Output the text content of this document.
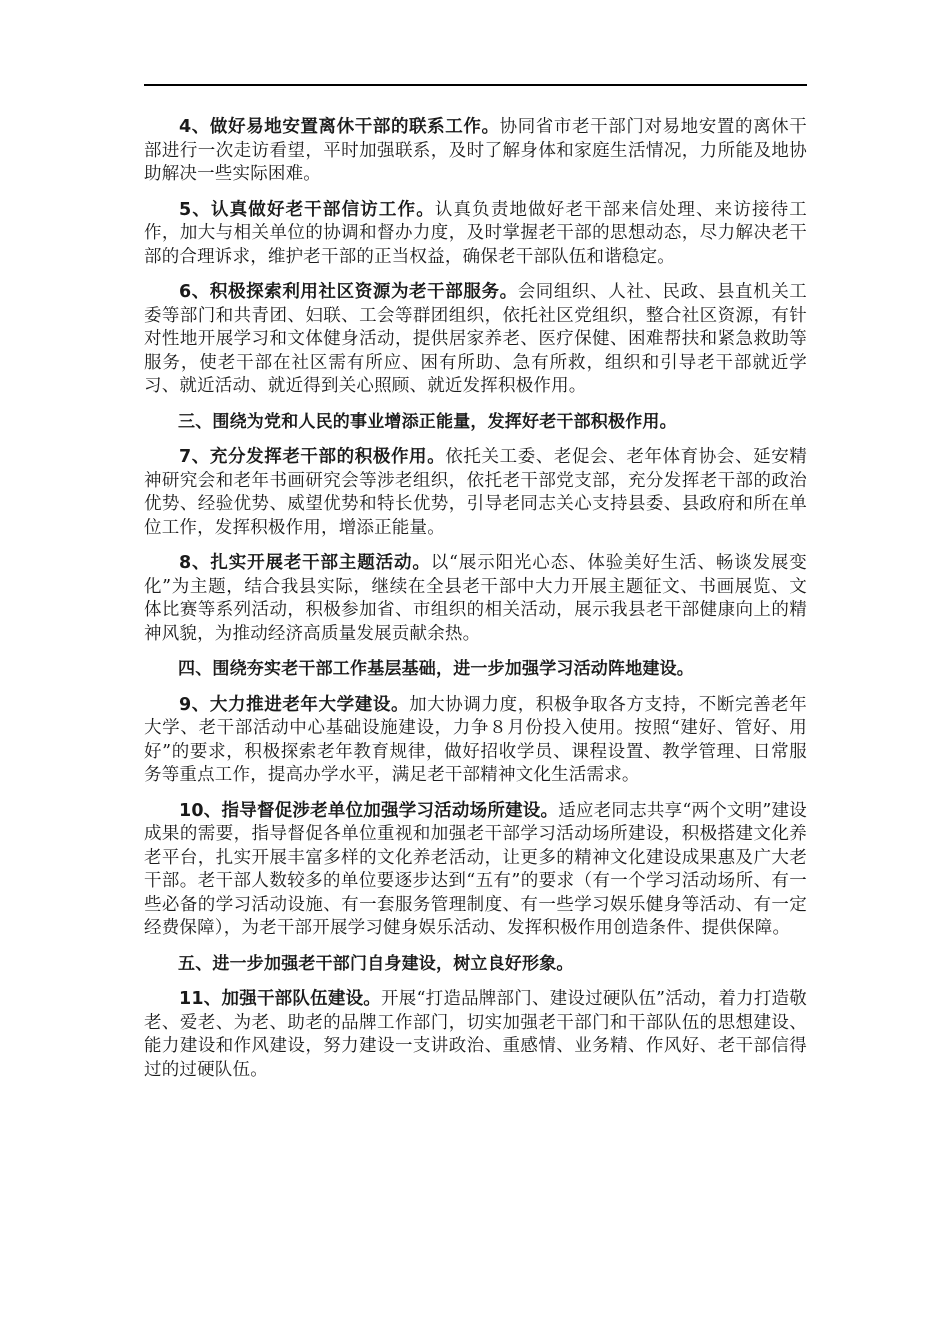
4、做好易地安置离休干部的联系工作。协同省市老干部门对易地安置的离休干部进行一次走访看望，平时加强联系，及时了解身体和家庭生活情况，力所能及地协助解决一些实际困难。

5、认真做好老干部信访工作。认真负责地做好老干部来信处理、来访接待工作，加大与相关单位的协调和督办力度，及时掌握老干部的思想动态，尽力解决老干部的合理诉求，维护老干部的正当权益，确保老干部队伍和谐稳定。

6、积极探索利用社区资源为老干部服务。会同组织、人社、民政、县直机关工委等部门和共青团、妇联、工会等群团组织，依托社区党组织，整合社区资源，有针对性地开展学习和文体健身活动，提供居家养老、医疗保健、困难帮扶和紧急救助等服务，使老干部在社区需有所应、困有所助、急有所救，组织和引导老干部就近学习、就近活动、就近得到关心照顾、就近发挥积极作用。

三、围绕为党和人民的事业增添正能量，发挥好老干部积极作用。

7、充分发挥老干部的积极作用。依托关工委、老促会、老年体育协会、延安精神研究会和老年书画研究会等涉老组织，依托老干部党支部，充分发挥老干部的政治优势、经验优势、威望优势和特长优势，引导老同志关心支持县委、县政府和所在单位工作，发挥积极作用，增添正能量。

8、扎实开展老干部主题活动。以“展示阳光心态、体验美好生活、畅谈发展变化”为主题，结合我县实际，继续在全县老干部中大力开展主题征文、书画展览、文体比赛等系列活动，积极参加省、市组织的相关活动，展示我县老干部健康向上的精神风貌，为推动经济高质量发展贡献余热。

四、围绕夯实老干部工作基层基础，进一步加强学习活动阵地建设。

9、大力推进老年大学建设。加大协调力度，积极争取各方支持，不断完善老年大学、老干部活动中心基础设施建设，力争８月份投入使用。按照“建好、管好、用好”的要求，积极探索老年教育规律，做好招收学员、课程设置、教学管理、日常服务等重点工作，提高办学水平，满足老干部精神文化生活需求。

10、指导督促涉老单位加强学习活动场所建设。适应老同志共享“两个文明”建设成果的需要，指导督促各单位重视和加强老干部学习活动场所建设，积极搭建文化养老平台，扎实开展丰富多样的文化养老活动，让更多的精神文化建设成果惠及广大老干部。老干部人数较多的单位要逐步达到“五有”的要求（有一个学习活动场所、有一些必备的学习活动设施、有一套服务管理制度、有一些学习娱乐健身等活动、有一定经费保障），为老干部开展学习健身娱乐活动、发挥积极作用创造条件、提供保障。

五、进一步加强老干部门自身建设，树立良好形象。

11、加强干部队伍建设。开展“打造品牌部门、建设过硬队伍”活动，着力打造敬老、爱老、为老、助老的品牌工作部门，切实加强老干部门和干部队伍的思想建设、能力建设和作风建设，努力建设一支讲政治、重感情、业务精、作风好、老干部信得过的过硬队伍。
